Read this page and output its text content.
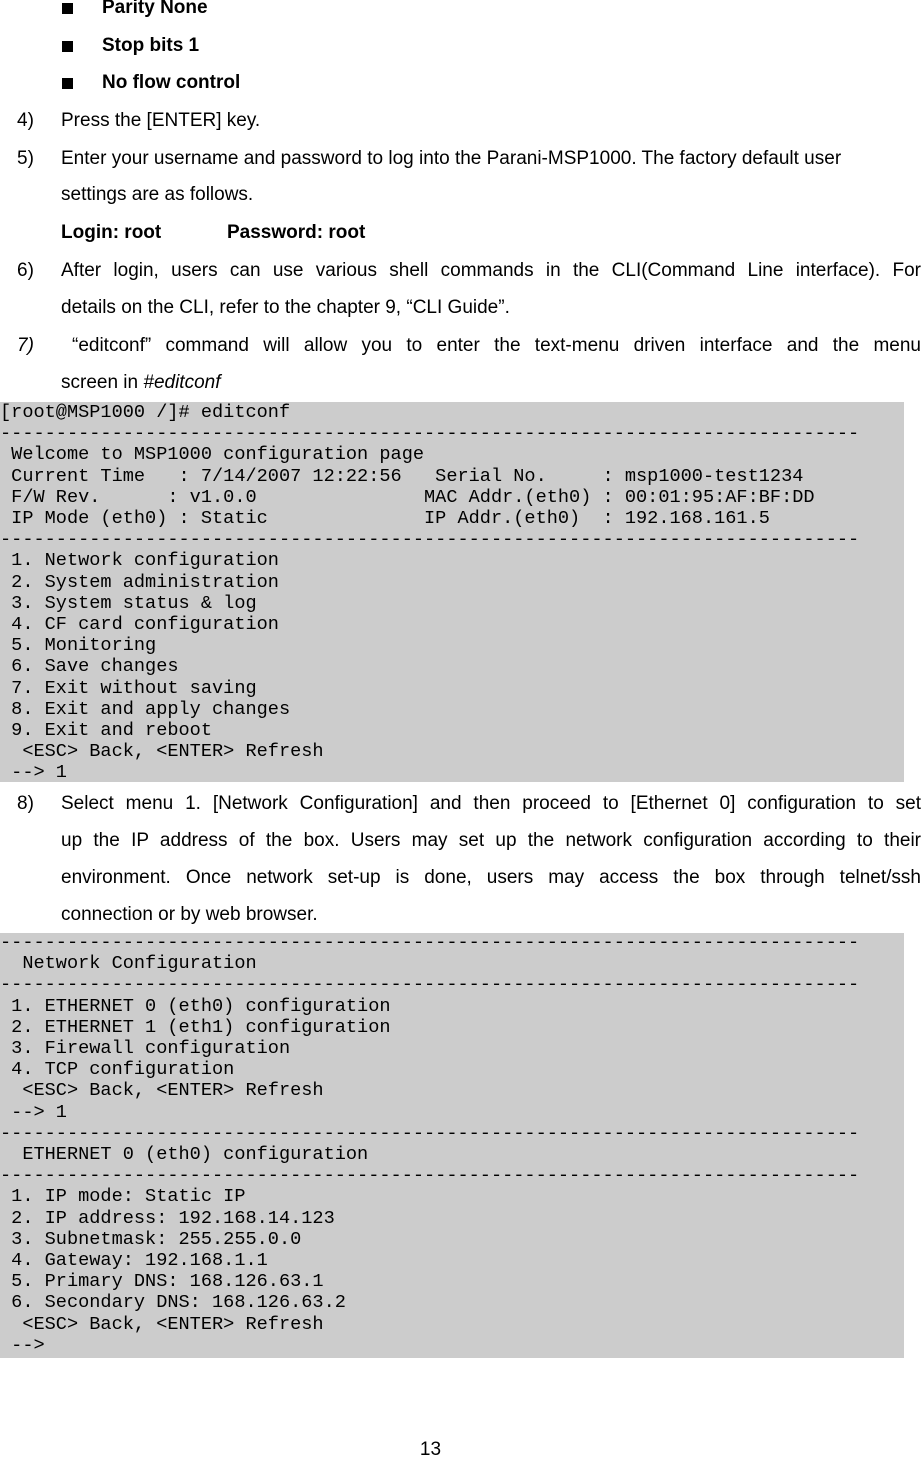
Parity None
Stop bits 1
No flow control
4) Press the [ENTER] key.
5) Enter your username and password to log into the Parani-MSP1000. The factory default user
settings are as follows.
Login: root	Password: root
6) After login, users can use various shell commands in the CLI(Command Line interface). For
details on the CLI, refer to the chapter 9, “CLI Guide”.
7) “editconf” command will allow you to enter the text-menu driven interface and the menu
screen in #editconf
[root@MSP1000 /]# editconf
-----------------------------------------------------------------------------
Welcome to MSP1000 configuration page
Current Time   : 7/14/2007 12:22:56   Serial No.     : msp1000-test1234
F/W Rev.      : v1.0.0               MAC Addr.(eth0) : 00:01:95:AF:BF:DD
IP Mode (eth0) : Static              IP Addr.(eth0)  : 192.168.161.5
-----------------------------------------------------------------------------
1. Network configuration
2. System administration
3. System status & log
4. CF card configuration
5. Monitoring
6. Save changes
7. Exit without saving
8. Exit and apply changes
9. Exit and reboot
<ESC> Back, <ENTER> Refresh
--> 1
8) Select menu 1. [Network Configuration] and then proceed to [Ethernet 0] configuration to set
up the IP address of the box. Users may set up the network configuration according to their
environment. Once network set-up is done, users may access the box through telnet/ssh
connection or by web browser.
-----------------------------------------------------------------------------
Network Configuration
-----------------------------------------------------------------------------
1. ETHERNET 0 (eth0) configuration
2. ETHERNET 1 (eth1) configuration
3. Firewall configuration
4. TCP configuration
<ESC> Back, <ENTER> Refresh
--> 1
-----------------------------------------------------------------------------
ETHERNET 0 (eth0) configuration
-----------------------------------------------------------------------------
1. IP mode: Static IP
2. IP address: 192.168.14.123
3. Subnetmask: 255.255.0.0
4. Gateway: 192.168.1.1
5. Primary DNS: 168.126.63.1
6. Secondary DNS: 168.126.63.2
<ESC> Back, <ENTER> Refresh
-->
13
